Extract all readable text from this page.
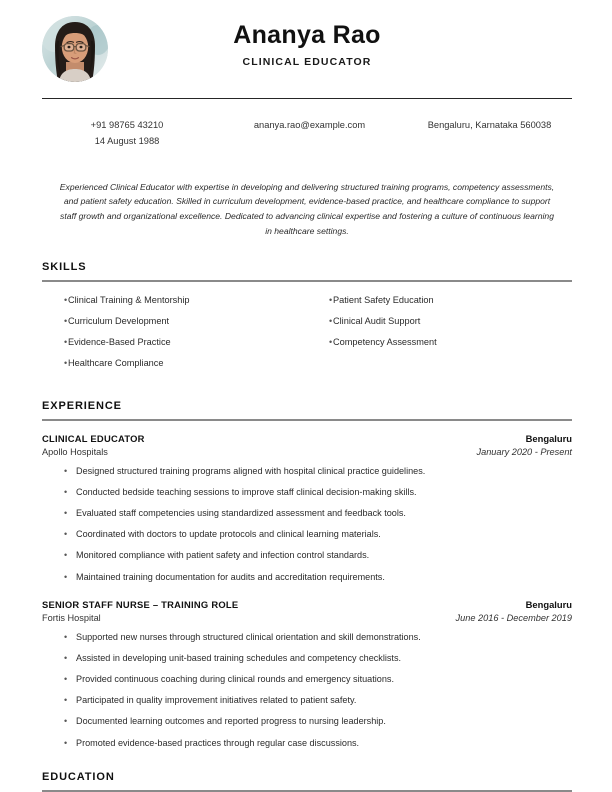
Ananya Rao
CLINICAL EDUCATOR
+91 98765 43210
14 August 1988
ananya.rao@example.com	Bengaluru, Karnataka 560038
Experienced Clinical Educator with expertise in developing and delivering structured training programs, competency assessments, and patient safety education. Skilled in curriculum development, evidence-based practice, and healthcare compliance to support staff growth and organizational excellence. Dedicated to advancing clinical expertise and fostering a culture of continuous learning in healthcare settings.
SKILLS
• Clinical Training & Mentorship
• Curriculum Development
• Evidence-Based Practice
• Healthcare Compliance
• Patient Safety Education
• Clinical Audit Support
• Competency Assessment
EXPERIENCE
CLINICAL EDUCATOR	Bengaluru
Apollo Hospitals	January 2020 - Present
• Designed structured training programs aligned with hospital clinical practice guidelines.
• Conducted bedside teaching sessions to improve staff clinical decision-making skills.
• Evaluated staff competencies using standardized assessment and feedback tools.
• Coordinated with doctors to update protocols and clinical learning materials.
• Monitored compliance with patient safety and infection control standards.
• Maintained training documentation for audits and accreditation requirements.
SENIOR STAFF NURSE – TRAINING ROLE	Bengaluru
Fortis Hospital	June 2016 - December 2019
• Supported new nurses through structured clinical orientation and skill demonstrations.
• Assisted in developing unit-based training schedules and competency checklists.
• Provided continuous coaching during clinical rounds and emergency situations.
• Participated in quality improvement initiatives related to patient safety.
• Documented learning outcomes and reported progress to nursing leadership.
• Promoted evidence-based practices through regular case discussions.
EDUCATION
